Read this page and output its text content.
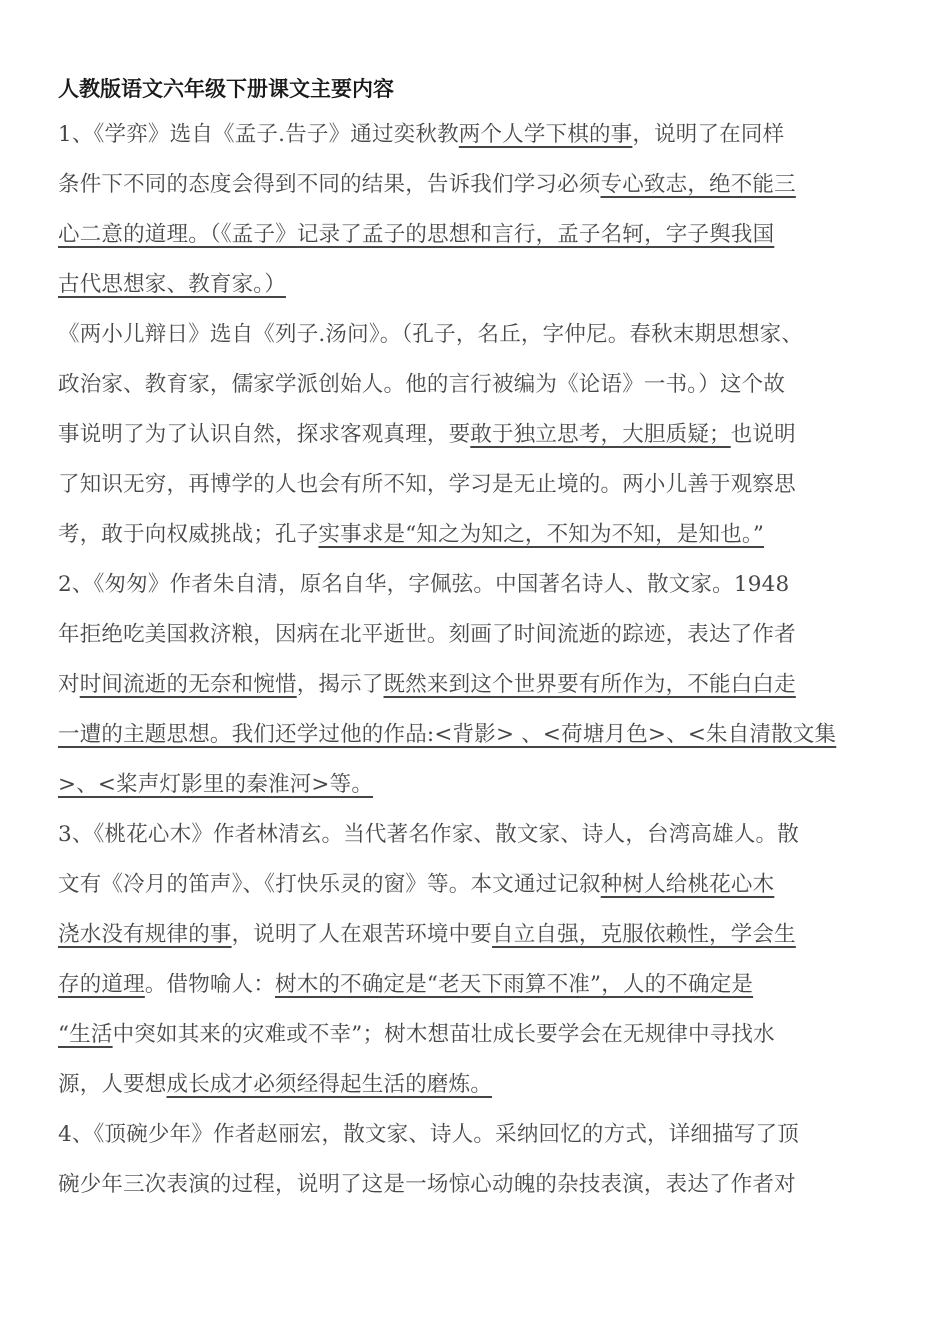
人教版语文六年级下册课文主要内容
1、《学弈》选自《孟子.告子》通过奕秋教两个人学下棋的事，说明了在同样
条件下不同的态度会得到不同的结果，告诉我们学习必须专心致志，绝不能三
心二意的道理。（《孟子》记录了孟子的思想和言行，孟子名轲，字子舆我国
古代思想家、教育家。）
《两小儿辩日》选自《列子.汤问》。（孔子，名丘，字仲尼。春秋末期思想家、
政治家、教育家，儒家学派创始人。他的言行被编为《论语》一书。）这个故
事说明了为了认识自然，探求客观真理，要敢于独立思考，大胆质疑；也说明
了知识无穷，再博学的人也会有所不知，学习是无止境的。两小儿善于观察思
考，敢于向权威挑战；孔子实事求是“知之为知之，不知为不知，是知也。”
2、《匆匆》作者朱自清，原名自华，字佩弦。中国著名诗人、散文家。1948
年拒绝吃美国救济粮，因病在北平逝世。刻画了时间流逝的踪迹，表达了作者
对时间流逝的无奈和惋惜，揭示了既然来到这个世界要有所作为，不能白白走
一遭的主题思想。我们还学过他的作品:<背影> 、<荷塘月色>、<朱自清散文集
>、<桨声灯影里的秦淮河>等。
3、《桃花心木》作者林清玄。当代著名作家、散文家、诗人，台湾高雄人。散
文有《冷月的笛声》、《打快乐灵的窗》等。本文通过记叙种树人给桃花心木
浇水没有规律的事，说明了人在艰苦环境中要自立自强，克服依赖性，学会生
存的道理。借物喻人：树木的不确定是“老天下雨算不准”，人的不确定是
“生活中突如其来的灾难或不幸”；树木想苗壮成长要学会在无规律中寻找水
源，人要想成长成才必须经得起生活的磨炼。
4、《顶碗少年》作者赵丽宏，散文家、诗人。采纳回忆的方式，详细描写了顶
碗少年三次表演的过程，说明了这是一场惊心动魄的杂技表演，表达了作者对
